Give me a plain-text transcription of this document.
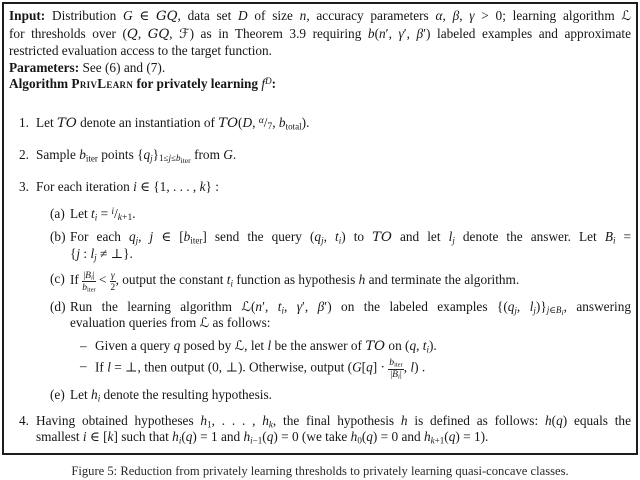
Input: Distribution G ∈ GQ, data set D of size n, accuracy parameters α, β, γ > 0; learning algorithm ℒ
for thresholds over (Q, GQ, ℱ) as in Theorem 3.9 requiring b(n′, γ′, β′) labeled examples and approximate
restricted evaluation access to the target function.
Parameters: See (6) and (7).
Algorithm PrivLearn for privately learning $f^D$:
1. Let TO denote an instantiation of TO(D, $^\alpha/_7$, $b_{total}$).
2. Sample $b_{iter}$ points $\{q_j\}_{1\le j\le b_{iter}}$ from G.
3. For each iteration i ∈ {1, . . . , k} :
(a) Let $t_i = ^i/_{k+1}$.
(b) For each $q_j$, j ∈ $[b_{iter}]$ send the query ($q_j$, $t_i$) to TO and let $l_j$ denote the answer. Let $B_i$ =
{j : $l_j$ ≠ ⊥}.
(c) If $\frac{|B_i|}{b_{iter}} < \frac{\gamma}{2}$ , output the constant $t_i$ function as hypothesis h and terminate the algorithm.
(d) Run the learning algorithm ℒ(n′, $t_i$, γ′, β′) on the labeled examples {($q_j$, $l_j)\}_{j\in B_i}$, answering
evaluation queries from ℒ as follows:
– Given a query q posed by ℒ, let l be the answer of TO on (q, $t_i$).
– If l = ⊥, then output (0, ⊥). Otherwise, output ($G[q] \cdot \frac{b_{iter}}{|B_i|}$ , l) .
(e) Let $h_i$ denote the resulting hypothesis.
4. Having obtained hypotheses $h_1$, . . . , $h_k$, the final hypothesis h is defined as follows: h(q) equals the
smallest i ∈ [k] such that $h_i(q) = 1$ and $h_{i-1}(q) = 0$ (we take $h_0(q) = 0$ and $h_{k+1}(q) = 1$).
Figure 5: Reduction from privately learning thresholds to privately learning quasi-concave classes.
